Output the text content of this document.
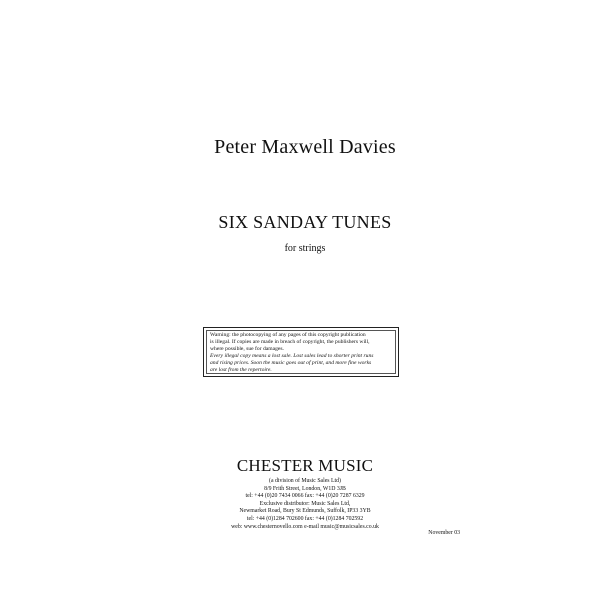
Peter Maxwell Davies
SIX SANDAY TUNES
for strings
Warning: the photocopying of any pages of this copyright publication
is illegal. If copies are made in breach of copyright, the publishers will,
where possible, sue for damages.
Every illegal copy means a lost sale. Lost sales lead to shorter print runs
and rising prices. Soon the music goes out of print, and more fine works
are lost from the repertoire.
CHESTER MUSIC
(a division of Music Sales Ltd)
8/9 Frith Street, London, W1D 3JB
tel: +44 (0)20 7434 0066 fax: +44 (0)20 7287 6329
Exclusive distributor: Music Sales Ltd,
Newmarket Road, Bury St Edmunds, Suffolk, IP33 3YB
tel: +44 (0)1284 702600 fax: +44 (0)1284 702592
web: www.chesternovello.com e-mail music@musicsales.co.uk
November 03
